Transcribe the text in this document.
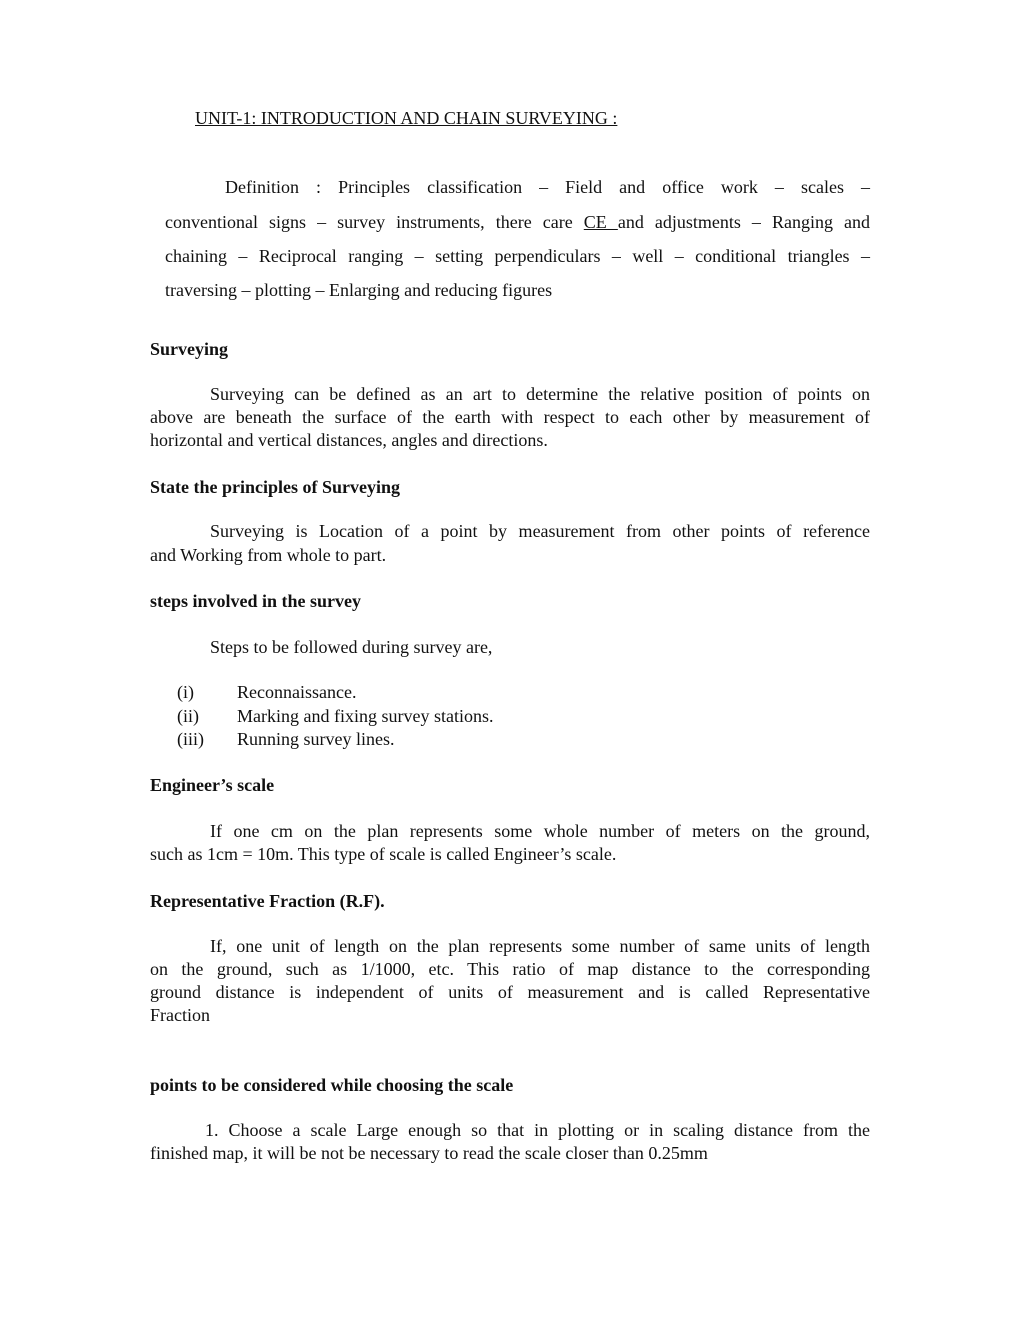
UNIT-1: INTRODUCTION AND CHAIN SURVEYING :
Definition : Principles classification – Field and office work – scales –
conventional signs – survey instruments, there care CE and adjustments – Ranging and
chaining – Reciprocal ranging – setting perpendiculars – well – conditional triangles –
traversing – plotting – Enlarging and reducing figures
Surveying
Surveying can be defined as an art to determine the relative position of points on
above are beneath the surface of the earth with respect to each other by measurement of
horizontal and vertical distances, angles and directions.
State the principles of Surveying
Surveying is Location of a point by measurement from other points of reference
and Working from whole to part.
steps involved in the survey
Steps to be followed during survey are,
(i) Reconnaissance.
(ii) Marking and fixing survey stations.
(iii) Running survey lines.
Engineer’s scale
If one cm on the plan represents some whole number of meters on the ground,
such as 1cm = 10m. This type of scale is called Engineer’s scale.
Representative Fraction (R.F).
If, one unit of length on the plan represents some number of same units of length
on the ground, such as 1/1000, etc. This ratio of map distance to the corresponding
ground distance is independent of units of measurement and is called Representative
Fraction
points to be considered while choosing the scale
1. Choose a scale Large enough so that in plotting or in scaling distance from the
finished map, it will be not be necessary to read the scale closer than 0.25mm
